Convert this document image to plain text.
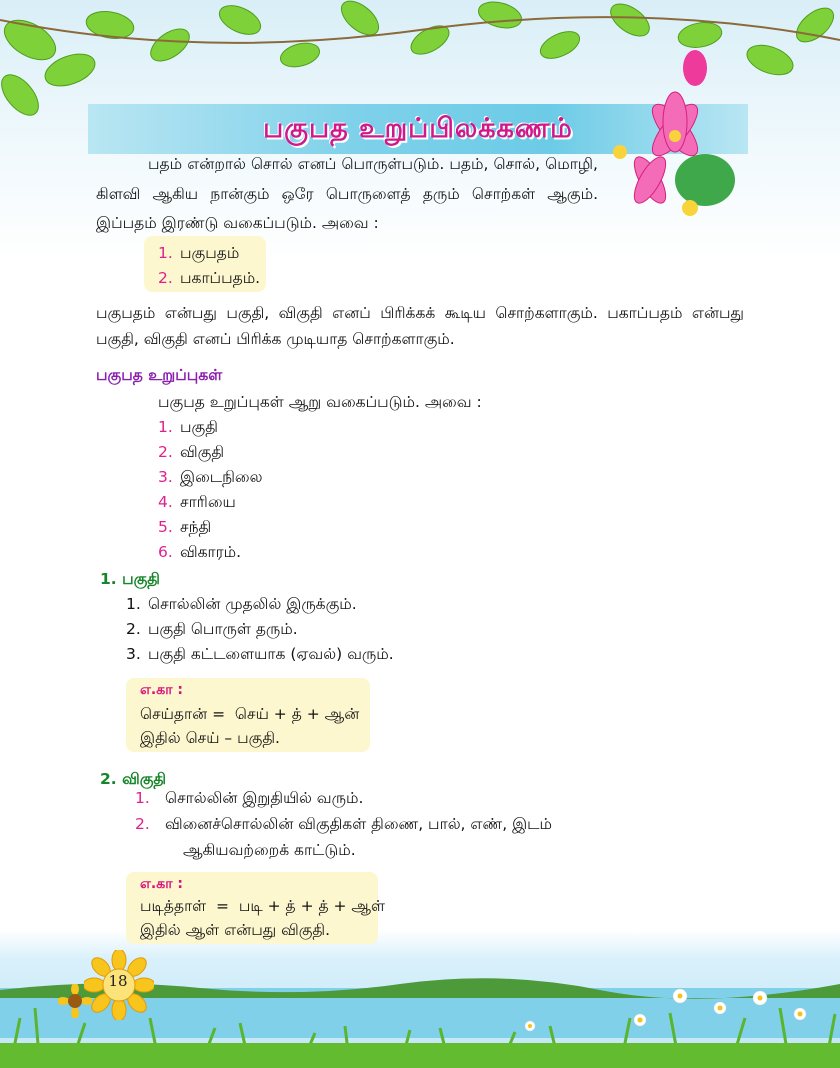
பகுபத உறுப்பிலக்கணம்
பதம் என்றால் சொல் எனப் பொருள்படும். பதம், சொல், மொழி,
கிளவி ஆகிய நான்கும் ஒரே பொருளைத் தரும் சொற்கள் ஆகும்.
இப்பதம் இரண்டு வகைப்படும். அவை :
1. பகுபதம்
2. பகாப்பதம்.
பகுபதம் என்பது பகுதி, விகுதி எனப் பிரிக்கக் கூடிய சொற்களாகும். பகாப்பதம் என்பது
பகுதி, விகுதி எனப் பிரிக்க முடியாத சொற்களாகும்.
பகுபத உறுப்புகள்
பகுபத உறுப்புகள் ஆறு வகைப்படும். அவை :
1. பகுதி
2. விகுதி
3. இடைநிலை
4. சாரியை
5. சந்தி
6. விகாரம்.
1. பகுதி
1. சொல்லின் முதலில் இருக்கும்.
2. பகுதி பொருள் தரும்.
3. பகுதி கட்டளையாக (ஏவல்) வரும்.
எ.கா :
செய்தான் =  செய் + த் + ஆன்
இதில் செய் – பகுதி.
2. விகுதி
1. சொல்லின் இறுதியில் வரும்.
2. வினைச்சொல்லின் விகுதிகள் திணை, பால், எண், இடம்
ஆகியவற்றைக் காட்டும்.
எ.கா :
படித்தாள்  =  படி + த் + த் + ஆள்
இதில் ஆள் என்பது விகுதி.
18
